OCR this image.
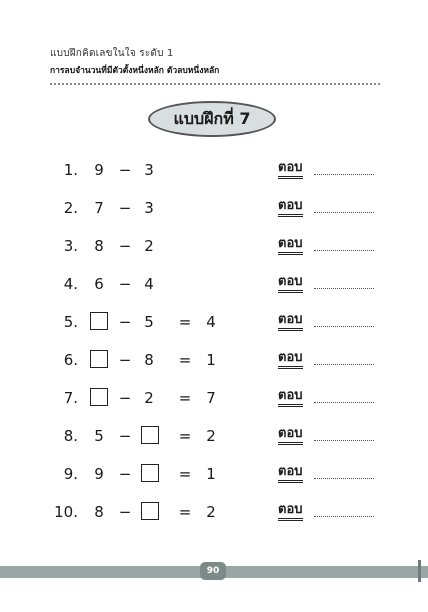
แบบฝึกคิดเลขในใจ ระดับ 1
การลบจำนวนที่มีตัวตั้งหนึ่งหลัก ตัวลบหนึ่งหลัก
แบบฝึกที่ 7
1. 9 − 3	ตอบ
2. 7 − 3	ตอบ
3. 8 − 2	ตอบ
4. 6 − 4	ตอบ
5.	− 5 = 4	ตอบ
6.	− 8 = 1	ตอบ
7.	− 2 = 7	ตอบ
8. 5 −	= 2	ตอบ
9. 9 −	= 1	ตอบ
10. 8 −	= 2	ตอบ
90
